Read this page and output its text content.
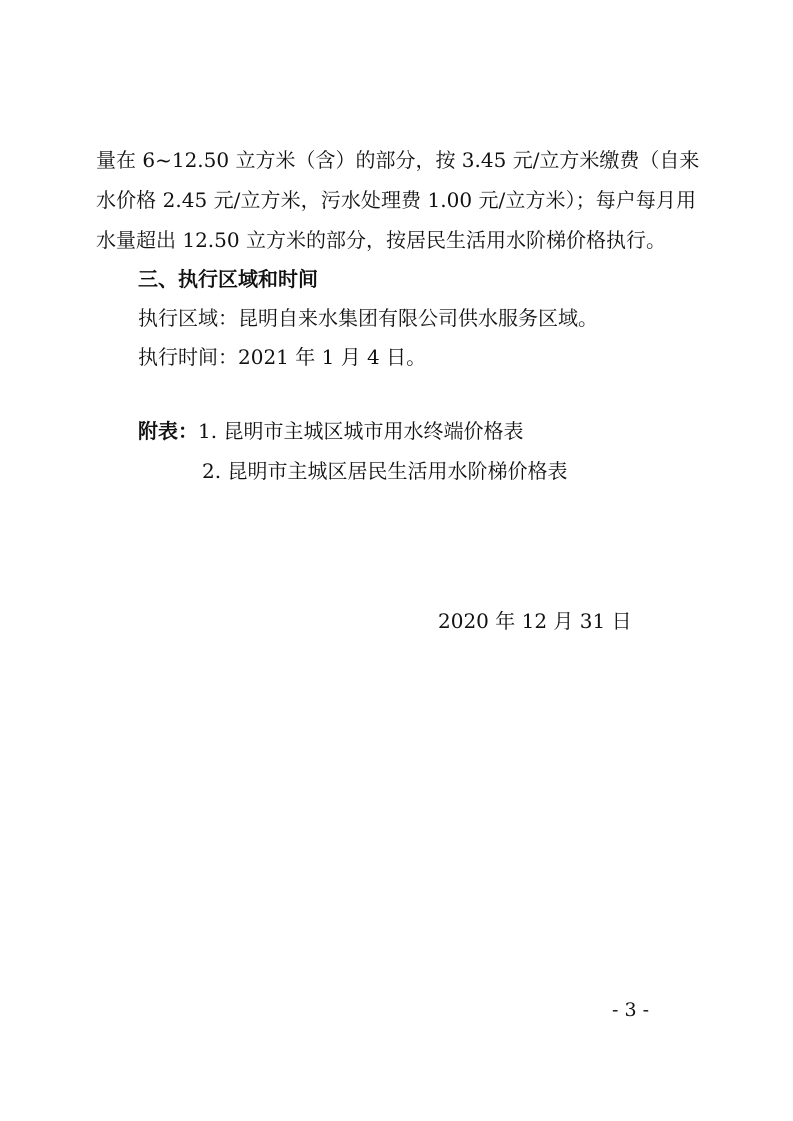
量在 6~12.50 立方米（含）的部分，按 3.45 元/立方米缴费（自来
水价格 2.45 元/立方米，污水处理费 1.00 元/立方米）；每户每月用
水量超出 12.50 立方米的部分，按居民生活用水阶梯价格执行。
三、执行区域和时间
执行区域：昆明自来水集团有限公司供水服务区域。
执行时间：2021 年 1 月 4 日。
附表：1. 昆明市主城区城市用水终端价格表
2. 昆明市主城区居民生活用水阶梯价格表
2020 年 12 月 31 日
- 3 -
